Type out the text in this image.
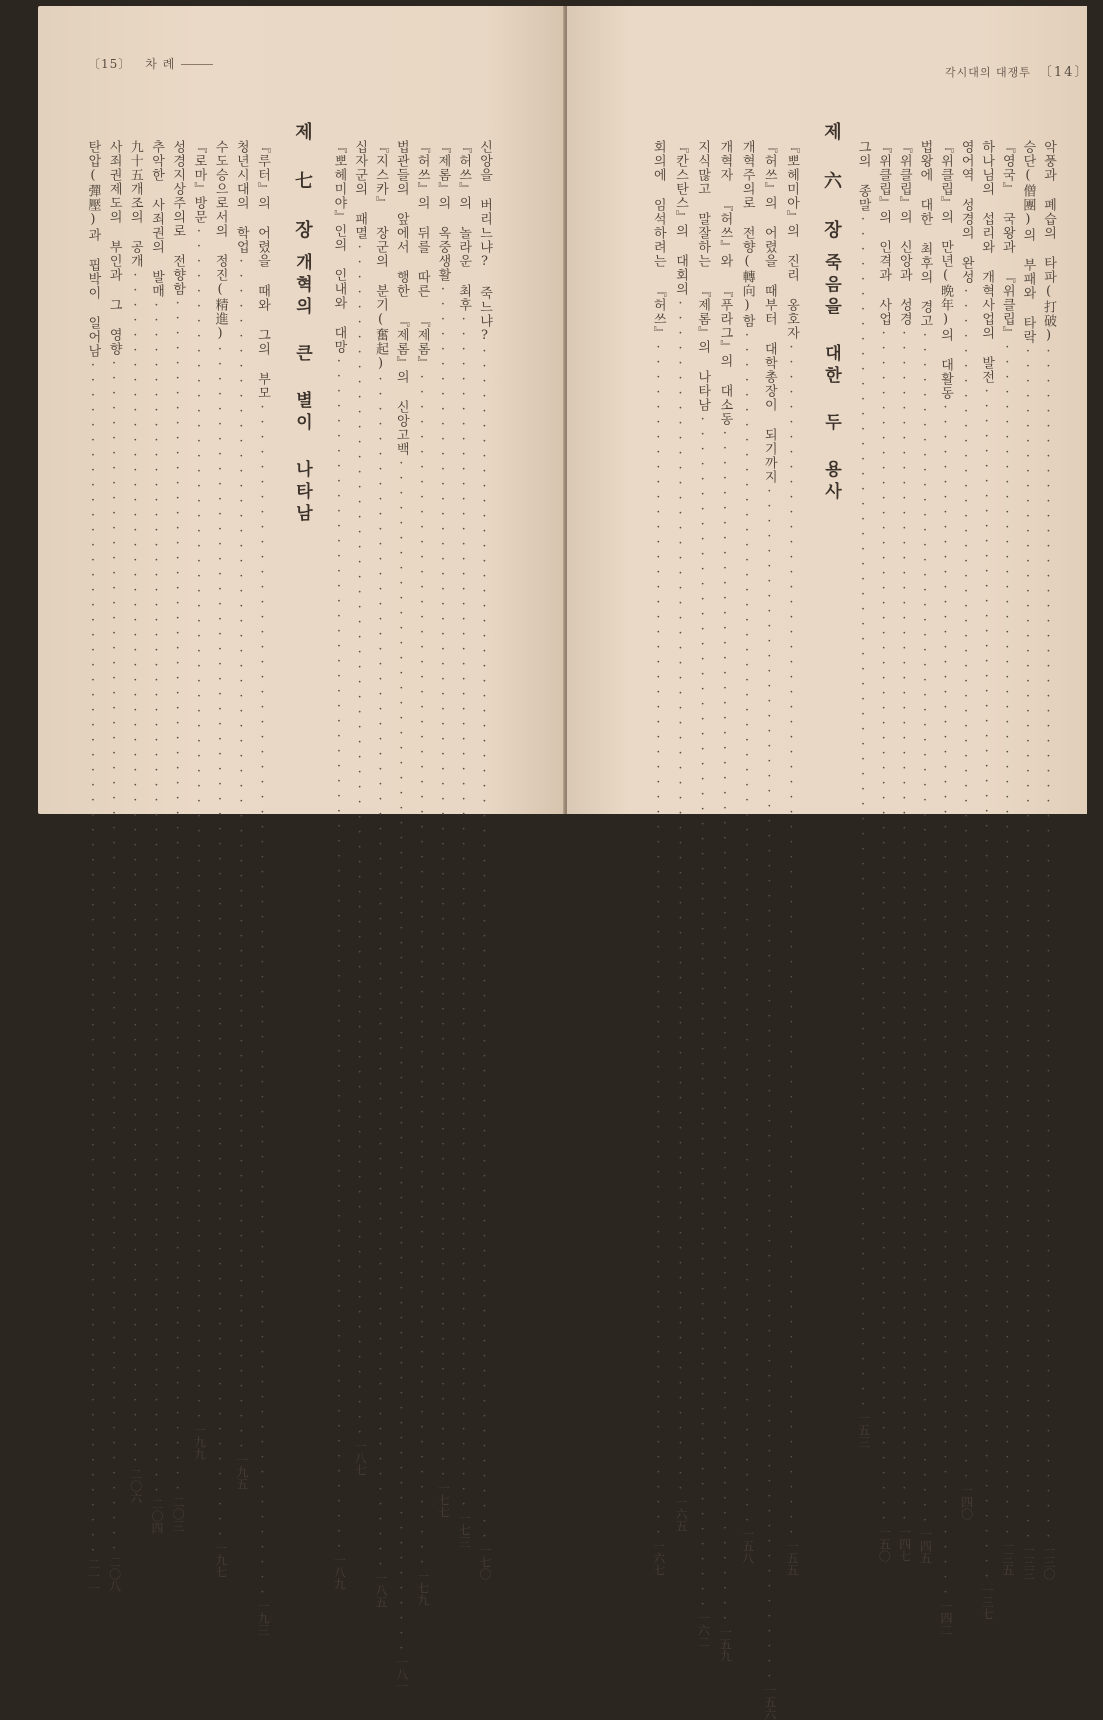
〔15〕 차 례
각시대의 대쟁투 〔14〕
악풍과 폐습의 타파(打破)
················································································
一三〇
승단(僧團)의 부패와 타락
················································································
一三三
『영국』 국왕과 『위클립』
················································································
一三五
하나님의 섭리와 개혁사업의 발전
················································································
一三七
영어역 성경의 완성
················································································
一四〇
『위클립』의 만년(晩年)의 대활동
················································································
一四二
법왕에 대한 최후의 경고
················································································
一四五
『위클립』의 신앙과 성경
················································································
一四七
『위클립』의 인격과 사업
················································································
一五〇
그의 종말
················································································
一五三
제 六 장죽음을 대한 두 용사
『뽀헤미아』의 진리 옹호자
················································································
一五五
『허쓰』의 어렸을 때부터 대학총장이 되기까지
················································································
一五六
개혁주의로 전향(轉向)함
················································································
一五八
개혁자 『허쓰』와 『푸라그』의 대소동
················································································
一五九
지식많고 말잘하는 『제롬』의 나타남
················································································
一六二
『칸스탄스』의 대회의
················································································
一六五
회의에 임석하려는 『허쓰』
················································································
一六七
신앙을 버리느냐? 죽느냐?
················································································
一七〇
『허쓰』의 놀라운 최후
················································································
一七三
『제롬』의 옥중생활
················································································
一七七
『허쓰』의 뒤를 따른 『제롬』
················································································
一七九
법관들의 앞에서 행한 『제롬』의 신앙고백
················································································
一八一
『지스카』 장군의 분기(奮起)
················································································
一八五
십자군의 패멸
················································································
一八七
『뽀헤미야』인의 인내와 대망
················································································
一八九
제 七 장개혁의 큰 별이 나타남
『루터』의 어렸을 때와 그의 부모
················································································
一九三
청년시대의 학업
················································································
一九五
수도승으로서의 정진(精進)
················································································
一九七
『로마』방문
················································································
一九九
성경지상주의로 전향함
················································································
二〇三
추악한 사죄권의 발매
················································································
二〇四
九十五개조의 공개
················································································
二〇六
사죄권제도의 부인과 그 영향
················································································
二〇八
탄압(彈壓)과 핍박이 일어남
················································································
二一一
